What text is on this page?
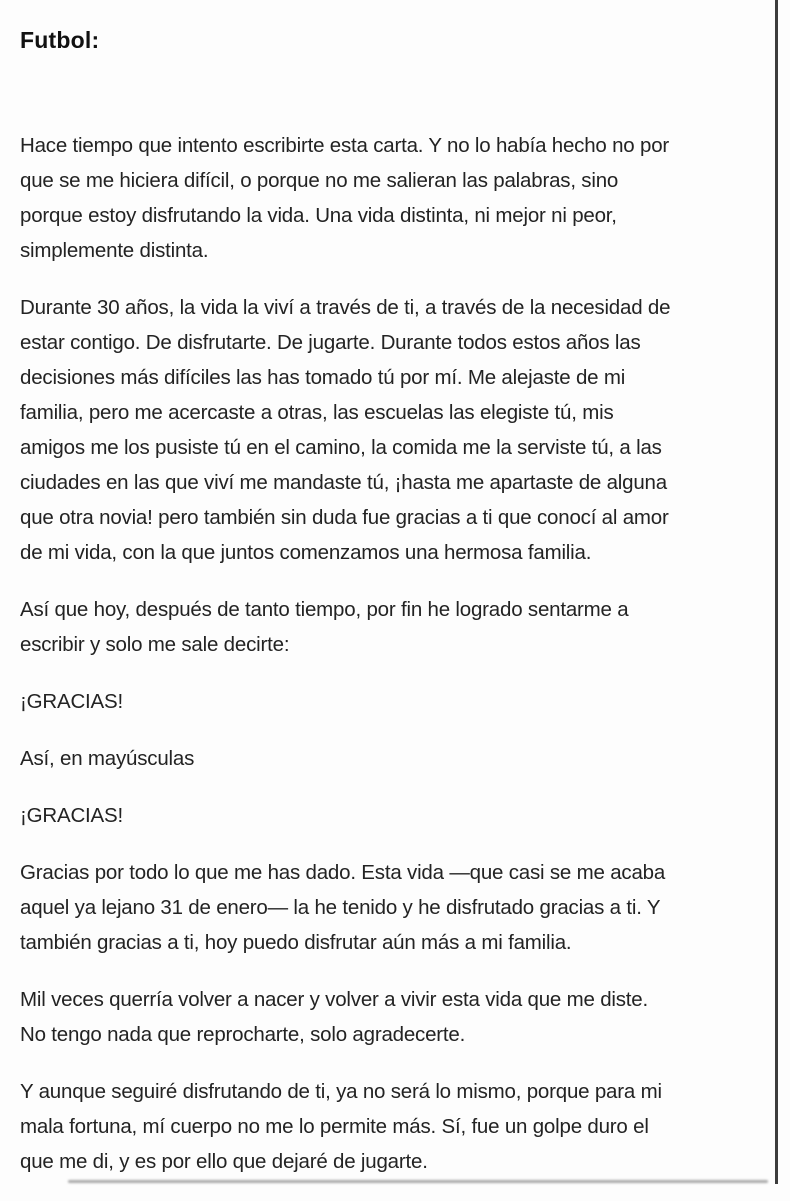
Futbol:
Hace tiempo que intento escribirte esta carta. Y no lo había hecho no por
que se me hiciera difícil, o porque no me salieran las palabras, sino
porque estoy disfrutando la vida. Una vida distinta, ni mejor ni peor,
simplemente distinta.
Durante 30 años, la vida la viví a través de ti, a través de la necesidad de
estar contigo. De disfrutarte. De jugarte. Durante todos estos años las
decisiones más difíciles las has tomado tú por mí. Me alejaste de mi
familia, pero me acercaste a otras, las escuelas las elegiste tú, mis
amigos me los pusiste tú en el camino, la comida me la serviste tú, a las
ciudades en las que viví me mandaste tú, ¡hasta me apartaste de alguna
que otra novia! pero también sin duda fue gracias a ti que conocí al amor
de mi vida, con la que juntos comenzamos una hermosa familia.
Así que hoy, después de tanto tiempo, por fin he logrado sentarme a
escribir y solo me sale decirte:
¡GRACIAS!
Así, en mayúsculas
¡GRACIAS!
Gracias por todo lo que me has dado. Esta vida —que casi se me acaba
aquel ya lejano 31 de enero— la he tenido y he disfrutado gracias a ti. Y
también gracias a ti, hoy puedo disfrutar aún más a mi familia.
Mil veces querría volver a nacer y volver a vivir esta vida que me diste.
No tengo nada que reprocharte, solo agradecerte.
Y aunque seguiré disfrutando de ti, ya no será lo mismo, porque para mi
mala fortuna, mí cuerpo no me lo permite más. Sí, fue un golpe duro el
que me di, y es por ello que dejaré de jugarte.
